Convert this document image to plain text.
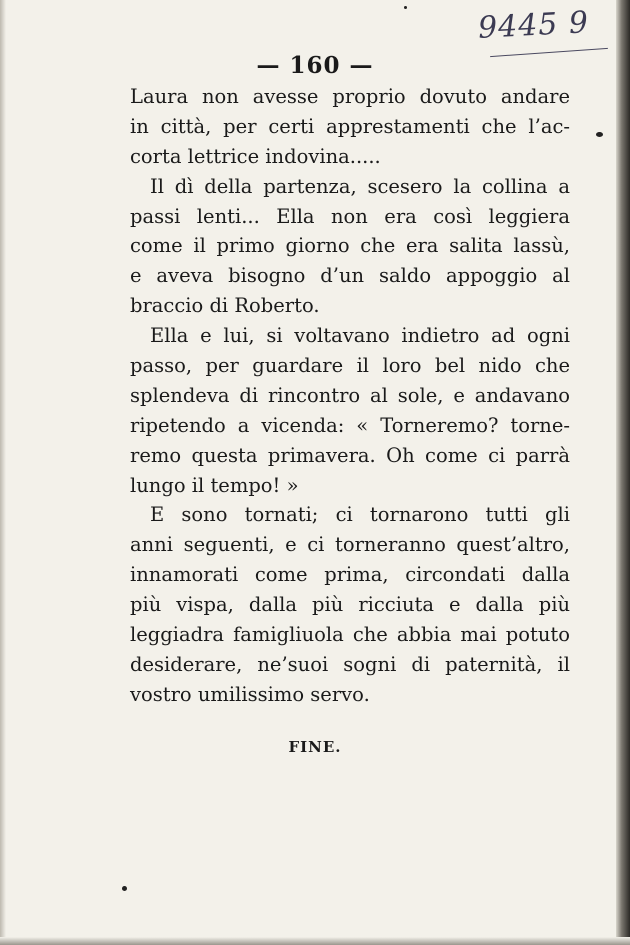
9445 9
— 160 —
Laura non avesse proprio dovuto andare
in città, per certi apprestamenti che l’ac-
corta lettrice indovina.....
Il dì della partenza, scesero la collina a
passi lenti... Ella non era così leggiera
come il primo giorno che era salita lassù,
e aveva bisogno d’un saldo appoggio al
braccio di Roberto.
Ella e lui, si voltavano indietro ad ogni
passo, per guardare il loro bel nido che
splendeva di rincontro al sole, e andavano
ripetendo a vicenda: « Torneremo? torne-
remo questa primavera. Oh come ci parrà
lungo il tempo! »
E sono tornati; ci tornarono tutti gli
anni seguenti, e ci torneranno quest’altro,
innamorati come prima, circondati dalla
più vispa, dalla più ricciuta e dalla più
leggiadra famigliuola che abbia mai potuto
desiderare, ne’suoi sogni di paternità, il
vostro umilissimo servo.
FINE.
